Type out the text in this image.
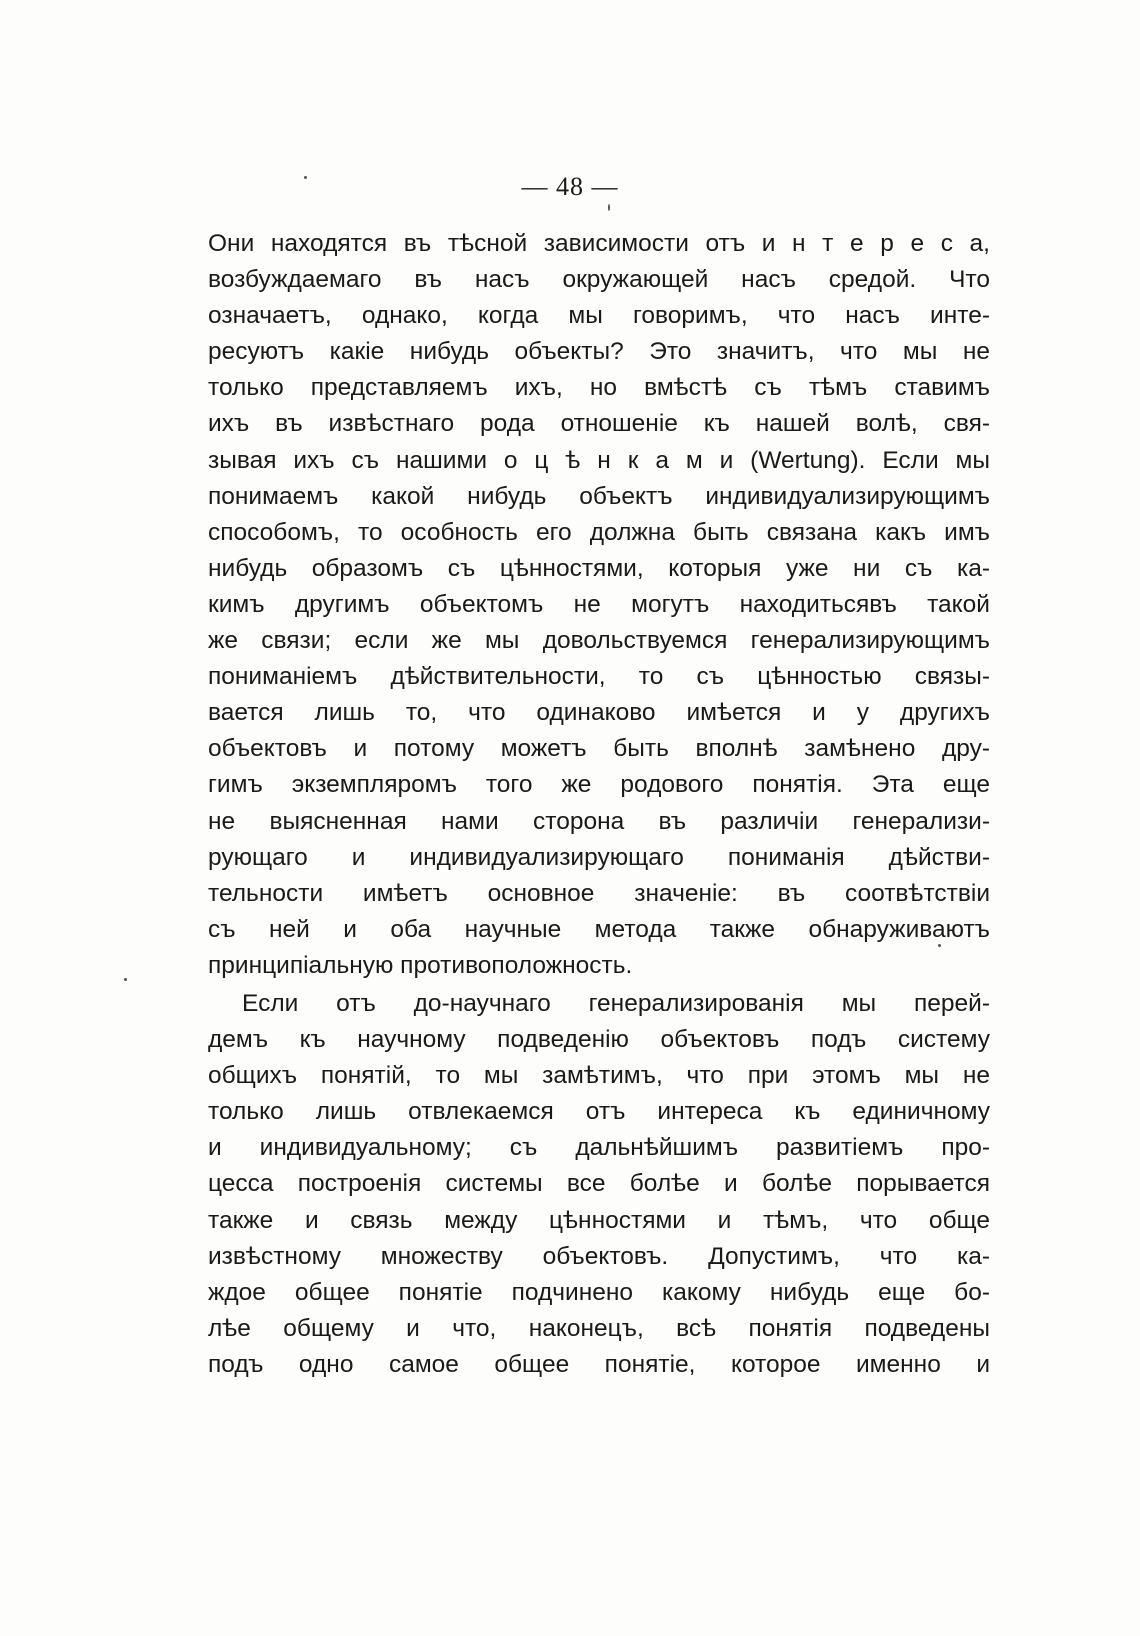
— 48 —
Они находятся въ тѣсной зависимости отъ и н т е р е с а,
возбуждаемаго въ насъ окружающей насъ средой. Что
означаетъ, однако, когда мы говоримъ, что насъ инте-
ресуютъ какіе нибудь объекты? Это значитъ, что мы не
только представляемъ ихъ, но вмѣстѣ съ тѣмъ ставимъ
ихъ въ извѣстнаго рода отношеніе къ нашей волѣ, свя-
зывая ихъ съ нашими о ц ѣ н к а м и (Wertung). Если мы
понимаемъ какой нибудь объектъ индивидуализирующимъ
способомъ, то особность его должна быть связана какъ имъ
нибудь образомъ съ цѣнностями, которыя уже ни съ ка-
кимъ другимъ объектомъ не могутъ находитьсявъ такой
же связи; если же мы довольствуемся генерализирующимъ
пониманіемъ дѣйствительности, то съ цѣнностью связы-
вается лишь то, что одинаково имѣется и у другихъ
объектовъ и потому можетъ быть вполнѣ замѣнено дру-
гимъ экземпляромъ того же родового понятія. Эта еще
не выясненная нами сторона въ различіи генерализи-
рующаго и индивидуализирующаго пониманія дѣйстви-
тельности имѣетъ основное значеніе: въ соотвѣтствіи
съ ней и оба научные метода также обнаруживаютъ
принципіальную противоположность.
Если отъ до-научнаго генерализированія мы перей-
демъ къ научному подведенію объектовъ подъ систему
общихъ понятій, то мы замѣтимъ, что при этомъ мы не
только лишь отвлекаемся отъ интереса къ единичному
и индивидуальному; съ дальнѣйшимъ развитіемъ про-
цесса построенія системы все болѣе и болѣе порывается
также и связь между цѣнностями и тѣмъ, что обще
извѣстному множеству объектовъ. Допустимъ, что ка-
ждое общее понятіе подчинено какому нибудь еще бо-
лѣе общему и что, наконецъ, всѣ понятія подведены
подъ одно самое общее понятіе, которое именно и
